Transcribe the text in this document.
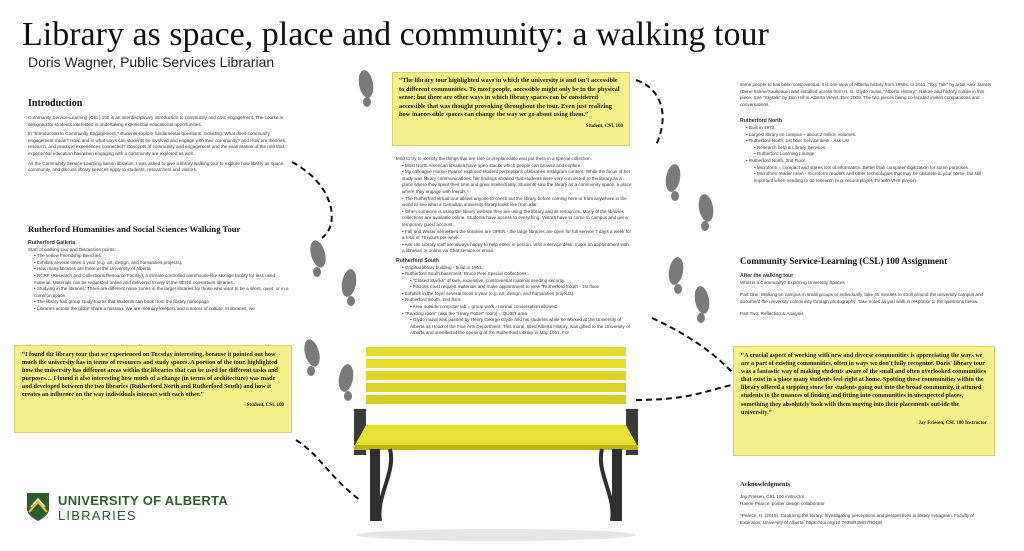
Library as space, place and community: a walking tour
Doris Wagner, Public Services Librarian
Introduction

Community Service-Learning (CSL) 100 is an interdisciplinary introduction to community and civic engagement. The course is designed for students interested in undertaking experiential educational opportunities.

In "Introduction to Community Engagement," students explore fundamental questions, including: What does community engagement mean? How, and in what ways can students be involved and engage with their community? and How are theories, research, and practical experiences connected? Concepts of community and engagement and the examination of the role that experiential education has when engaging with a community are explored as well.

As the Community Service-Learning liaison librarian, I was asked to give a library walking tour to explore how library as space, community, and discuss library services apply to students, researchers and visitors.

Rutherford Humanities and Social Sciences Walking Tour
Rutherford Galleria
Start of walking tour and Discussion points:
• The yellow Friendship Benches.
• Exhibits several times a year (e.g. art, design, and humanities projects).
• How many libraries are there at the University of Alberta.
• RCRF (Research and Collections Resource Facility), a climate controlled warehouse-like storage facility for less used material. Materials can be requested online and delivered to any of the NEOS consortium libraries.
• Studying in the libraries: There are different noise zones in the larger libraries for those who want to be a silent, quiet, or in a common space.
• The library has group study rooms that students can book from the library homepage.
• Libraries across the globe share a mission. We are memory keepers and curators of culture. In libraries, we
“I found the library tour that we experienced on Tuesday interesting, because it pointed out how much the university has in terms of resources and study spaces. A portion of the tour, highlighted how the university has different areas within the libraries that can be used for different tasks and purposes… I found it also interesting how much of a change (in terms of architecture) was made and developed between the two libraries (Rutherford North and Rutherford South) and how it creates an influence on the way individuals interact with each other.”
Student, CSL 100
“The library tour highlighted ways in which the university is and isn't accessible to different communities. To most people, accessible might only be in the physical sense; but there are other ways in which library spaces can be considered accessible that was thought provoking throughout the tour. Even just realizing how inaccessible spaces can change the way we go about using them.”
Student, CSL 100
tend to try to identify the things that are rare or irreplaceable and put them in a special collection.
• Most North American libraries have open stacks which people can browse and explore.
• My colleague Hanne Pearce explored student perceptions of libraries Instagram content. While the focus of her study was library communications, her findings showed that students were very connected to the library as a place where they spent their time and grew intellectually. Students saw the library as a community space, a place where they engage with friends.*
• The Rutherford virtual tour allows anyone to check out the library before coming here or from anywhere in the world to see what a Canadian university library looks like from afar.
• When someone is using the library website they are using the library and its resources. Many of the libraries collections are available online. Students have access to everything. Vistors have to come to campus and get a temporary guest account.
• Fall and Winter semesters the libraries are OPEN - the large libraries are open for full service 7 days a week for a total of 79 hours per week.
• Ask Us! Library staff are always happy to help either in person. Visit a service desk, make an appointment with a librarian or online via Chat service or email.
Rutherford South
• Original library building - build in 1951.
• Rutherford South basement: Bruce Peel Special Collections .
• "Closed Stacks" of rare, expensive, controversial material needing security.
• Patrons must request materials and make appointment to view "Rutherford South - 1st floor.
• Exhibits in the foyer several times a year (e.g. art, design, and humanities projects).
• Rutherford South, 2nd floor.
• Area outside computer lab = group work - normal conversation allowed.
• "Reading room" (aka the "Harry Potter" room) = QUIET area.
• Glyde mural was painted by Henry George Glyde and his students while he worked at the University of Alberta as Head of the Fine Arts Department. This mural, titled Alberta History, was gifted to the University of Alberta and unveiled at the opening of the Rutherford Library in May 1951. For
some people to has been controversial. It is one view of Alberta history from 1950s. In 2011, "Sky Talk" by artist Alex Janvier (Dene Suline/Saulteaux) was installed across from H. G. Glyde mural, "Alberta History". Nature and history collide in this piece. See "Skytalk" by Don Hill in Alberta Views, Dec 2009. The two pieces being co-located invites comparisons and conversations.
Rutherford North
• Built in 1973.
• Largest library on campus – about 2 million volumes.
• Rutherford North, 1st floor Service desk - Ask Us!
• Research help & Library Services.
• Rutherford Learning Lounge.
• Rutherford North, 2nd Floor.
• Microform = compact and stores lots of information. Better than computer digitization for some purposes.
• Microform reader room - microform readers and other technologies that may be obsolete in your home, but still important when needing to do research (e.g. record player, TV with VHS player).
Community Service-Learning (CSL) 100 Assignment
After the walking tour

What is a Community? Exploring University Spaces

Part One: Walking on campus in small groups or individually, take 45 minutes to stroll around the university campus and document the university community through photography. Take notes as you walk in response to the questions below.

Part Two: Reflection & Analysis

“A crucial aspect of working with new and diverse communities is appreciating the ways we are a part of existing communities, often in ways we don't fully recognize. Doris' library tour was a fantastic way of making students aware of the small and often overlooked communities that exist in a place many students feel right at home. Spotting these communities within the library offered a stepping stone for students going out into the broad community, it attuned students to the nuances of finding and fitting into communities in unexpected places, something they absolutely took with them moving into their placements outside the university.”
Jay Friesen, CSL 100 Instructor
Acknowledgments
Jay Friesen, CSL 100 instructor
Hanne Pearce, poster design collaborator
*Pearce, H. (2019). Capturing the library: Investigating perceptions and perspectives in library Instagram. Faculty of Extension, University of Alberta. https://doi.org/10.7939/R3MG7HDGB
UNIVERSITY OF ALBERTA
LIBRARIES
